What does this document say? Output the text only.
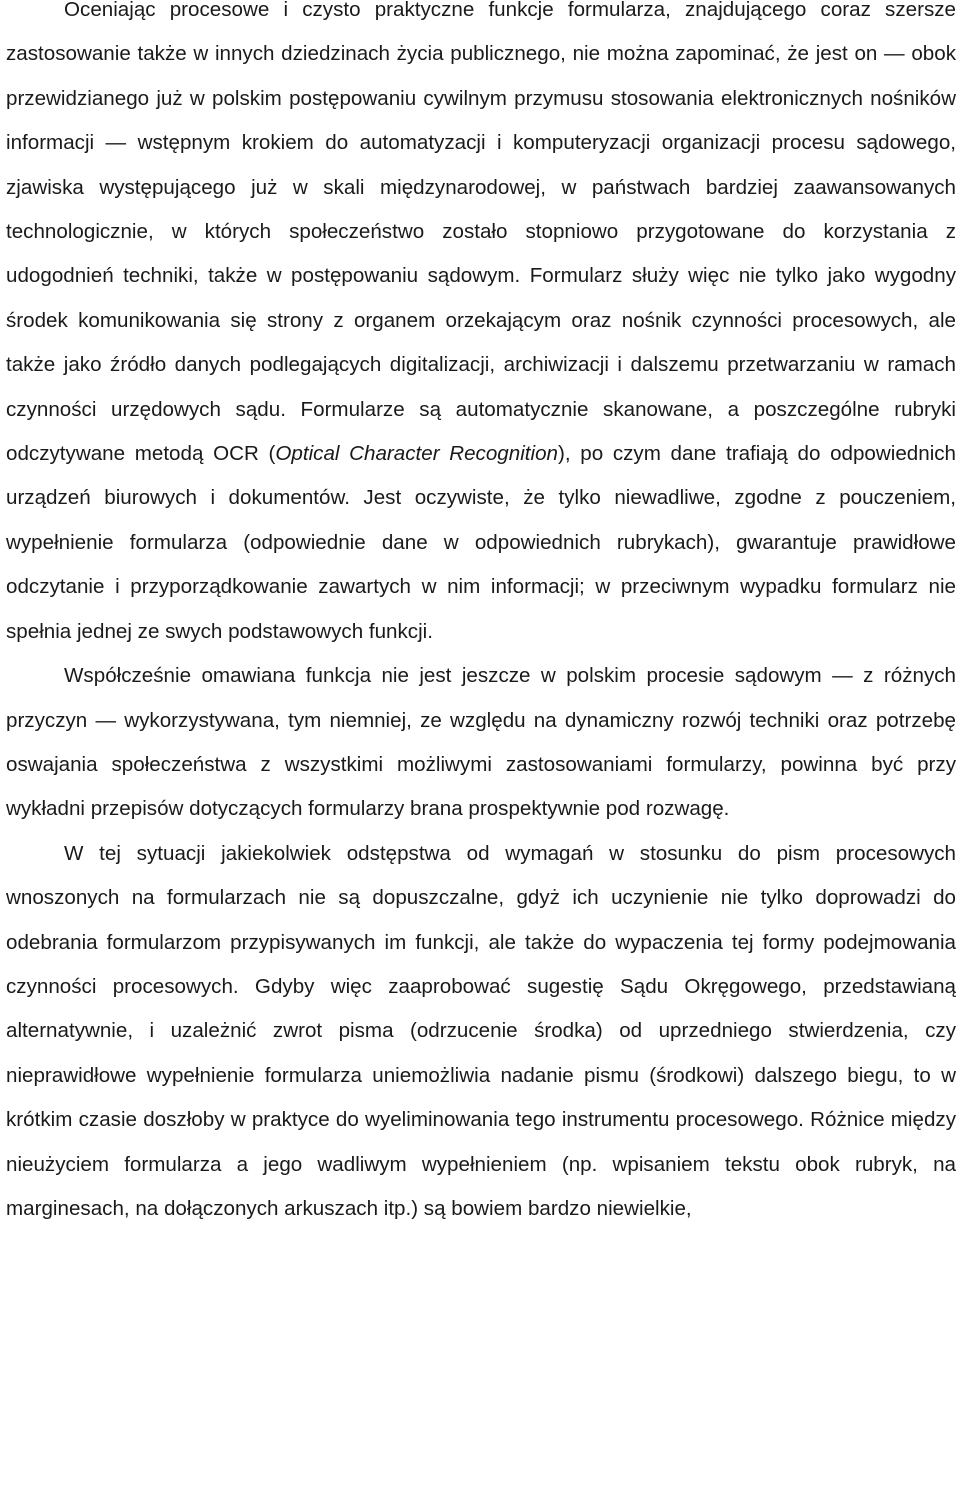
Oceniając procesowe i czysto praktyczne funkcje formularza, znajdującego coraz szersze zastosowanie także w innych dziedzinach życia publicznego, nie można zapominać, że jest on — obok przewidzianego już w polskim postępowaniu cywilnym przymusu stosowania elektronicznych nośników informacji — wstępnym krokiem do automatyzacji i komputeryzacji organizacji procesu sądowego, zjawiska występującego już w skali międzynarodowej, w państwach bardziej zaawansowanych technologicznie, w których społeczeństwo zostało stopniowo przygotowane do korzystania z udogodnień techniki, także w postępowaniu sądowym. Formularz służy więc nie tylko jako wygodny środek komunikowania się strony z organem orzekającym oraz nośnik czynności procesowych, ale także jako źródło danych podlegających digitalizacji, archiwizacji i dalszemu przetwarzaniu w ramach czynności urzędowych sądu. Formularze są automatycznie skanowane, a poszczególne rubryki odczytywane metodą OCR (Optical Character Recognition), po czym dane trafiają do odpowiednich urządzeń biurowych i dokumentów. Jest oczywiste, że tylko niewadliwe, zgodne z pouczeniem, wypełnienie formularza (odpowiednie dane w odpowiednich rubrykach), gwarantuje prawidłowe odczytanie i przyporządkowanie zawartych w nim informacji; w przeciwnym wypadku formularz nie spełnia jednej ze swych podstawowych funkcji.

Współcześnie omawiana funkcja nie jest jeszcze w polskim procesie sądowym — z różnych przyczyn — wykorzystywana, tym niemniej, ze względu na dynamiczny rozwój techniki oraz potrzebę oswajania społeczeństwa z wszystkimi możliwymi zastosowaniami formularzy, powinna być przy wykładni przepisów dotyczących formularzy brana prospektywnie pod rozwagę.

W tej sytuacji jakiekolwiek odstępstwa od wymagań w stosunku do pism procesowych wnoszonych na formularzach nie są dopuszczalne, gdyż ich uczynienie nie tylko doprowadzi do odebrania formularzom przypisywanych im funkcji, ale także do wypaczenia tej formy podejmowania czynności procesowych. Gdyby więc zaaprobować sugestię Sądu Okręgowego, przedstawianą alternatywnie, i uzależnić zwrot pisma (odrzucenie środka) od uprzedniego stwierdzenia, czy nieprawidłowe wypełnienie formularza uniemożliwia nadanie pismu (środkowi) dalszego biegu, to w krótkim czasie doszłoby w praktyce do wyeliminowania tego instrumentu procesowego. Różnice między nieużyciem formularza a jego wadliwym wypełnieniem (np. wpisaniem tekstu obok rubryk, na marginesach, na dołączonych arkuszach itp.) są bowiem bardzo niewielkie,
